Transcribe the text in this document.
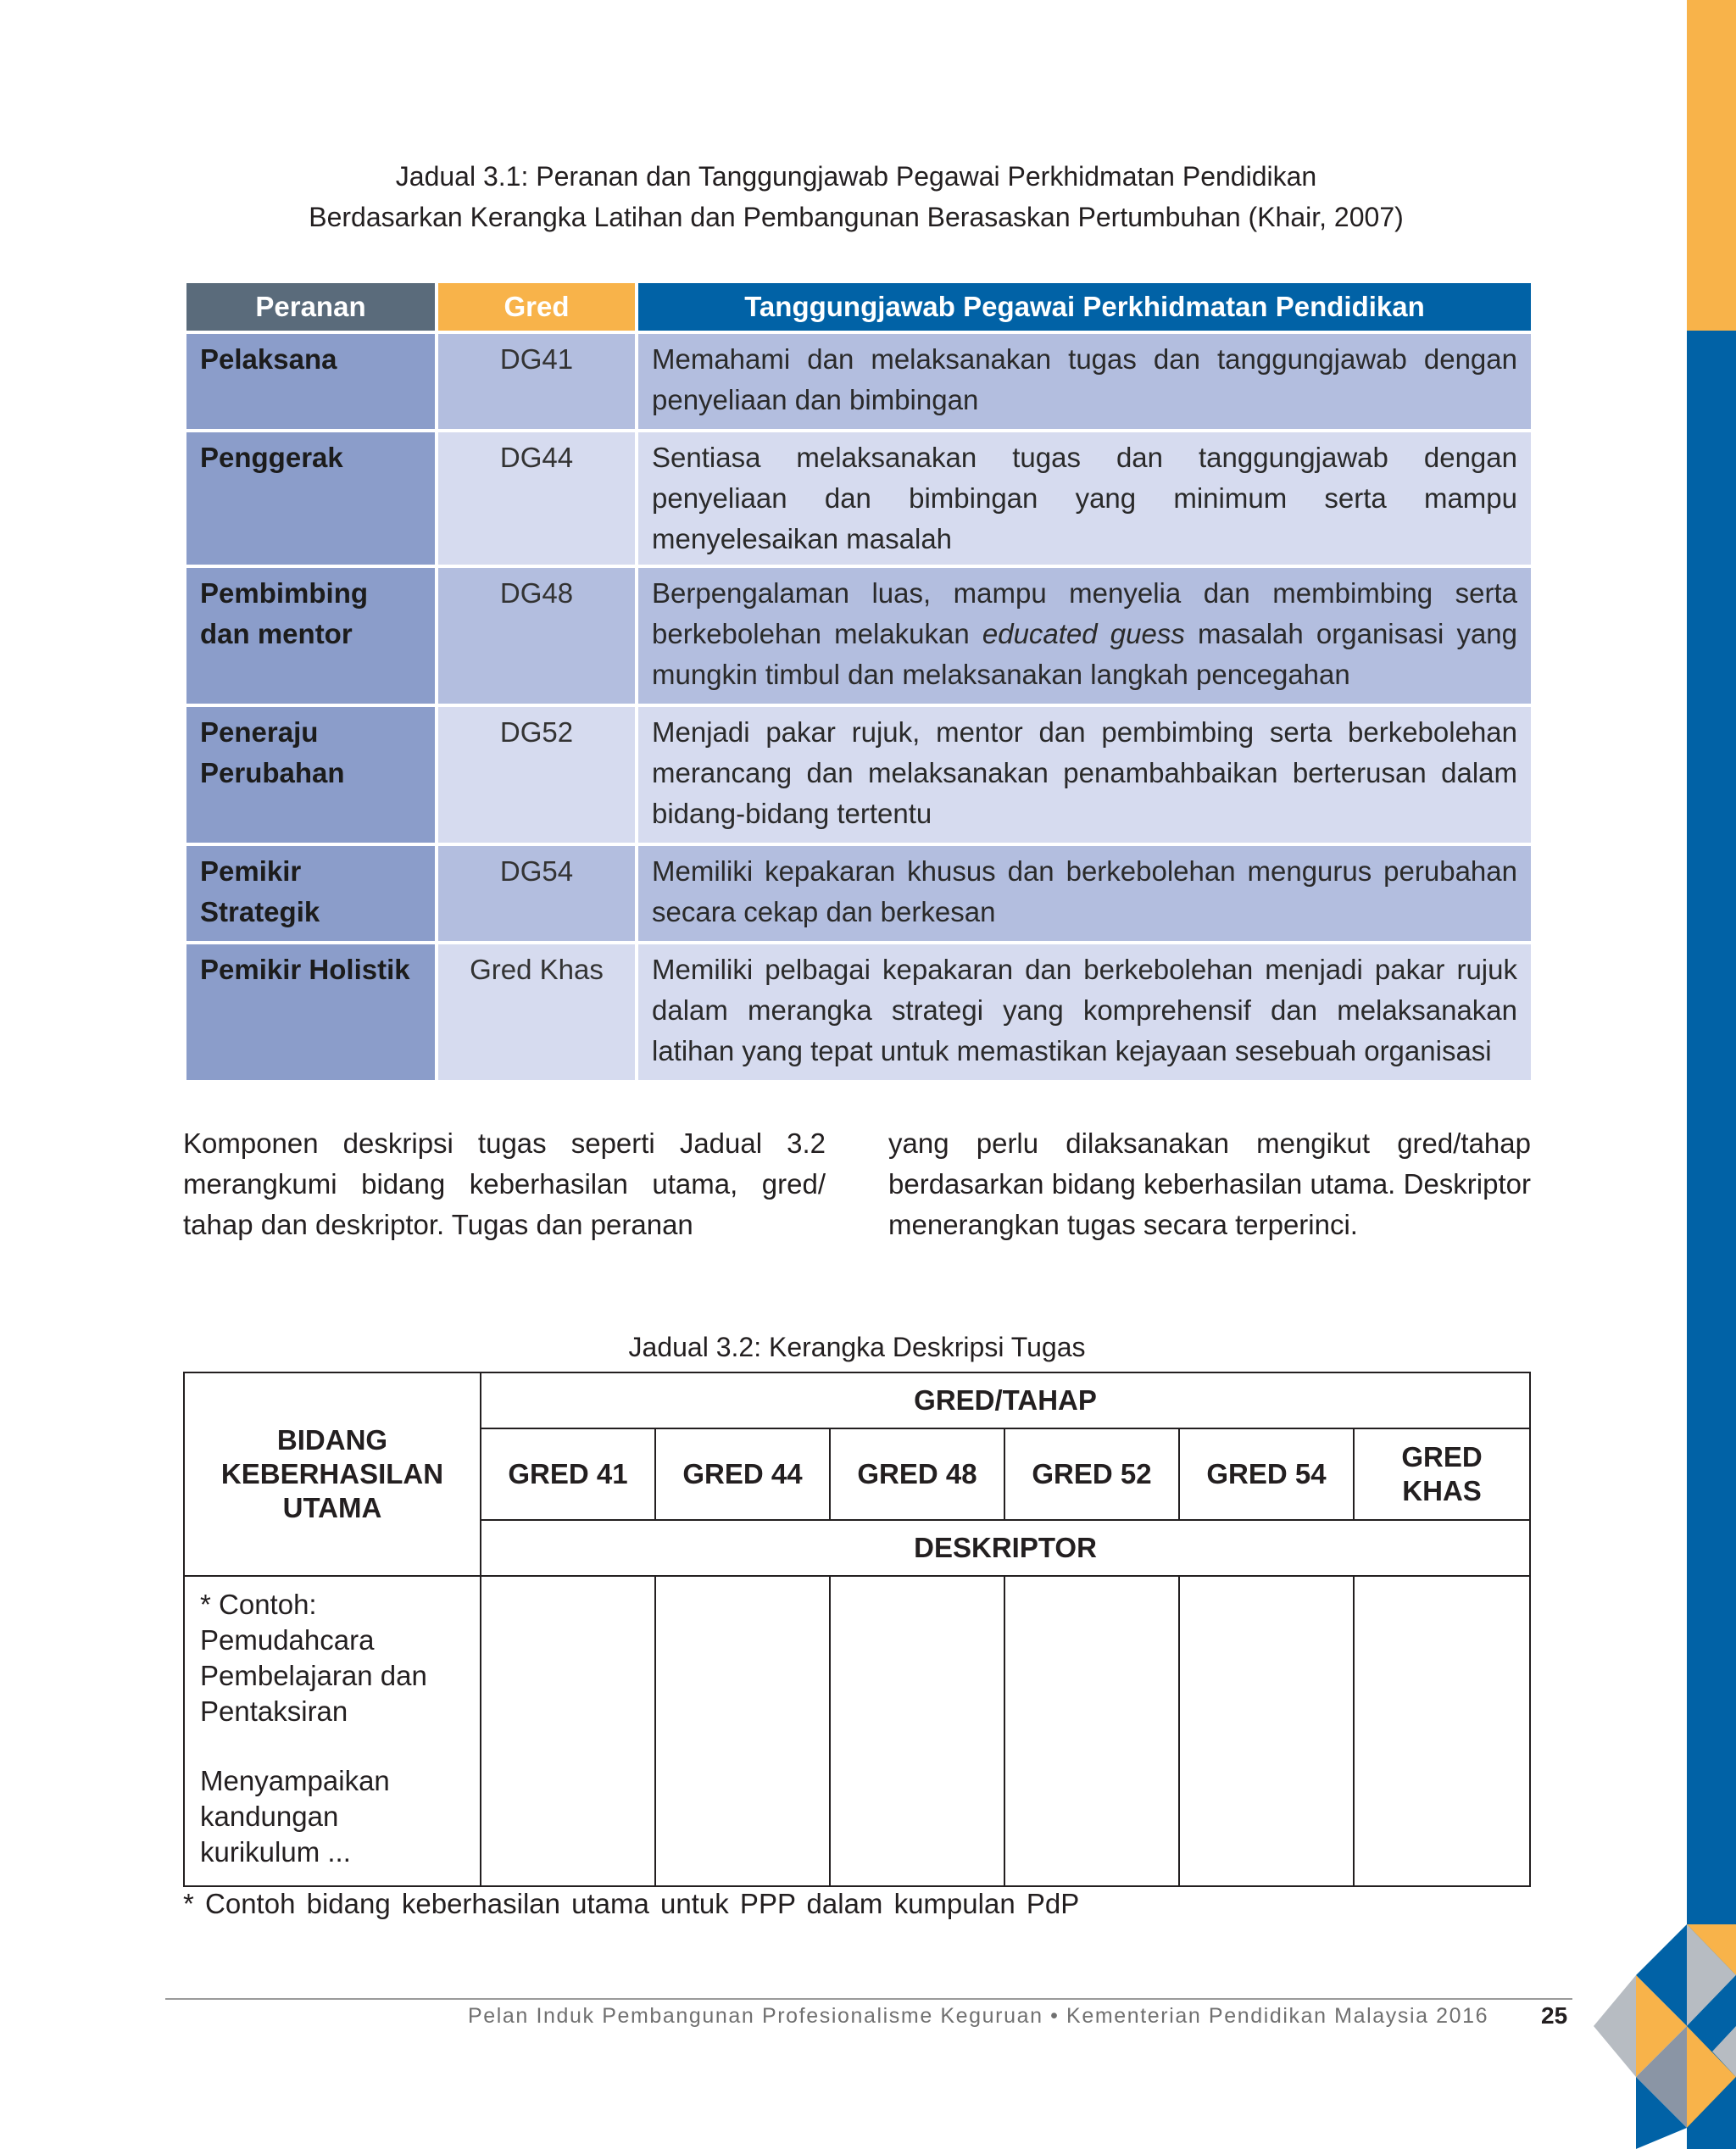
Jadual 3.1: Peranan dan Tanggungjawab Pegawai Perkhidmatan Pendidikan
Berdasarkan Kerangka Latihan dan Pembangunan Berasaskan Pertumbuhan (Khair, 2007)
Peranan	Gred	Tanggungjawab Pegawai Perkhidmatan Pendidikan
Pelaksana	DG41	Memahami dan melaksanakan tugas dan tanggungjawab dengan penyeliaan dan bimbingan
Penggerak	DG44	Sentiasa melaksanakan tugas dan tanggungjawab dengan penyeliaan dan bimbingan yang minimum serta mampu menyelesaikan masalah
Pembimbing dan mentor	DG48	Berpengalaman luas, mampu menyelia dan membimbing serta berkebolehan melakukan educated guess masalah organisasi yang mungkin timbul dan melaksanakan langkah pencegahan
Peneraju Perubahan	DG52	Menjadi pakar rujuk, mentor dan pembimbing serta berkebolehan merancang dan melaksanakan penambahbaikan berterusan dalam bidang-bidang tertentu
Pemikir Strategik	DG54	Memiliki kepakaran khusus dan berkebolehan mengurus perubahan secara cekap dan berkesan
Pemikir Holistik	Gred Khas	Memiliki pelbagai kepakaran dan berkebolehan menjadi pakar rujuk dalam merangka strategi yang komprehensif dan melaksanakan latihan yang tepat untuk memastikan kejayaan sesebuah organisasi
Komponen deskripsi tugas seperti Jadual 3.2 merangkumi bidang keberhasilan utama, gred/ tahap dan deskriptor. Tugas dan peranan
yang perlu dilaksanakan mengikut gred/tahap berdasarkan bidang keberhasilan utama. Deskriptor menerangkan tugas secara terperinci.
Jadual 3.2: Kerangka Deskripsi Tugas
BIDANG KEBERHASILAN UTAMA	GRED/TAHAP					
	GRED 41	GRED 44	GRED 48	GRED 52	GRED 54	GRED KHAS
	DESKRIPTOR					

* Contoh:
Pemudahcara Pembelajaran dan Pentaksiran
Menyampaikan kandungan kurikulum ...						

* Contoh bidang keberhasilan utama untuk PPP dalam kumpulan PdP
Pelan Induk Pembangunan Profesionalisme Keguruan • Kementerian Pendidikan Malaysia 2016 25
